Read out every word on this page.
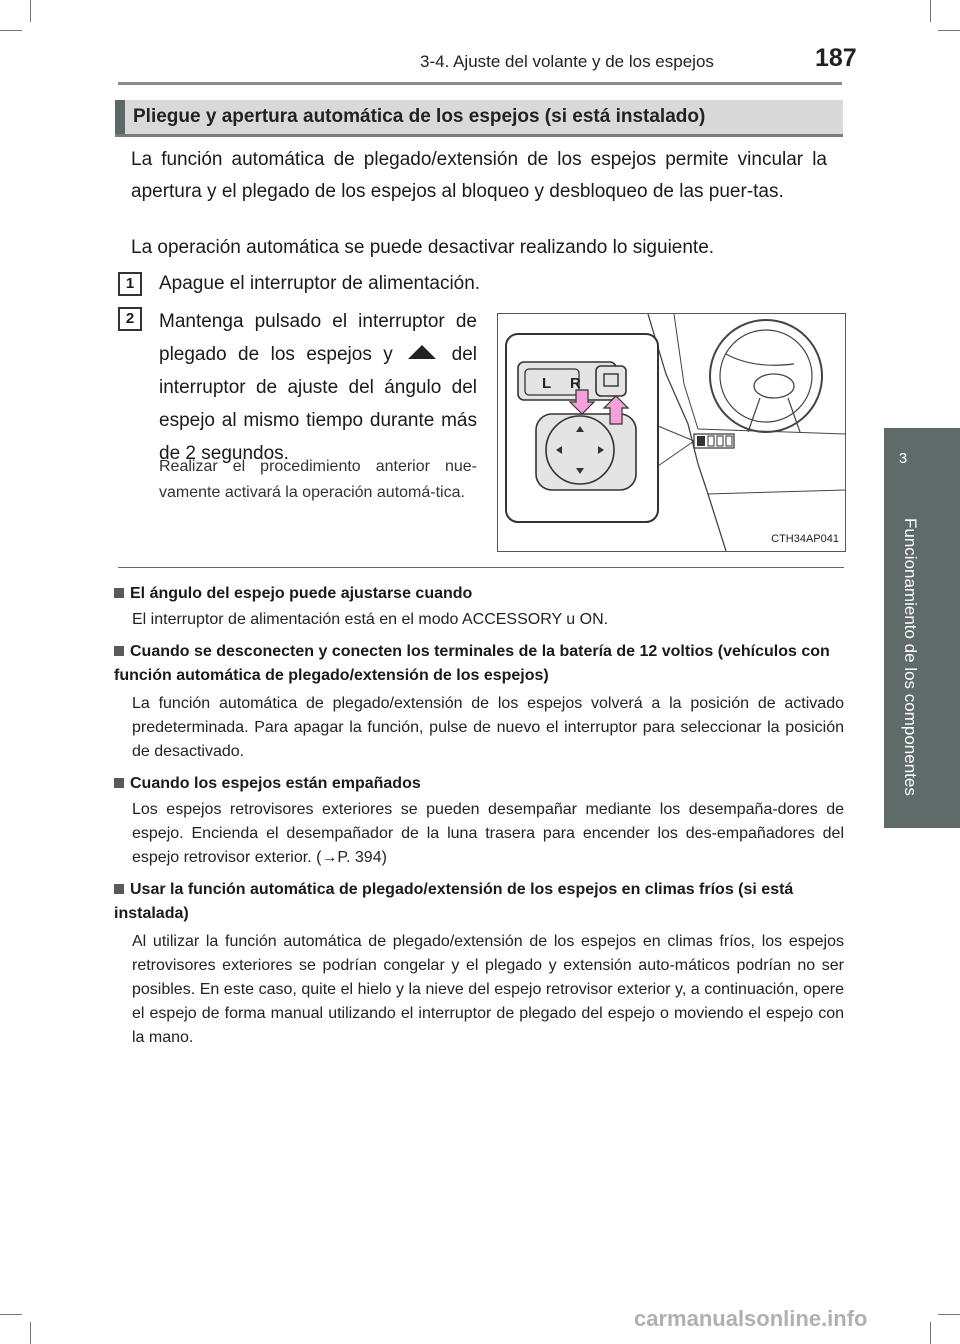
3-4. Ajuste del volante y de los espejos	187
3
Funcionamiento de los componentes
Pliegue y apertura automática de los espejos (si está instalado)
La función automática de plegado/extensión de los espejos permite vincular la apertura y el plegado de los espejos al bloqueo y desbloqueo de las puer-tas.
La operación automática se puede desactivar realizando lo siguiente.
1	Apague el interruptor de alimentación.
2	Mantenga pulsado el interruptor de plegado de los espejos y	del interruptor de ajuste del ángulo del espejo al mismo tiempo durante más de 2 segundos.
Realizar el procedimiento anterior nue-vamente activará la operación automá-tica.
L R
CTH34AP041
El ángulo del espejo puede ajustarse cuando
El interruptor de alimentación está en el modo ACCESSORY u ON.
Cuando se desconecten y conecten los terminales de la batería de 12 voltios (vehículos con función automática de plegado/extensión de los espejos)
La función automática de plegado/extensión de los espejos volverá a la posición de activado predeterminada. Para apagar la función, pulse de nuevo el interruptor para seleccionar la posición de desactivado.
Cuando los espejos están empañados
Los espejos retrovisores exteriores se pueden desempañar mediante los desempaña-dores de espejo. Encienda el desempañador de la luna trasera para encender los des-empañadores del espejo retrovisor exterior. (→P. 394)
Usar la función automática de plegado/extensión de los espejos en climas fríos (si está instalada)
Al utilizar la función automática de plegado/extensión de los espejos en climas fríos, los espejos retrovisores exteriores se podrían congelar y el plegado y extensión auto-máticos podrían no ser posibles. En este caso, quite el hielo y la nieve del espejo retrovisor exterior y, a continuación, opere el espejo de forma manual utilizando el interruptor de plegado del espejo o moviendo el espejo con la mano.
carmanualsonline.info
